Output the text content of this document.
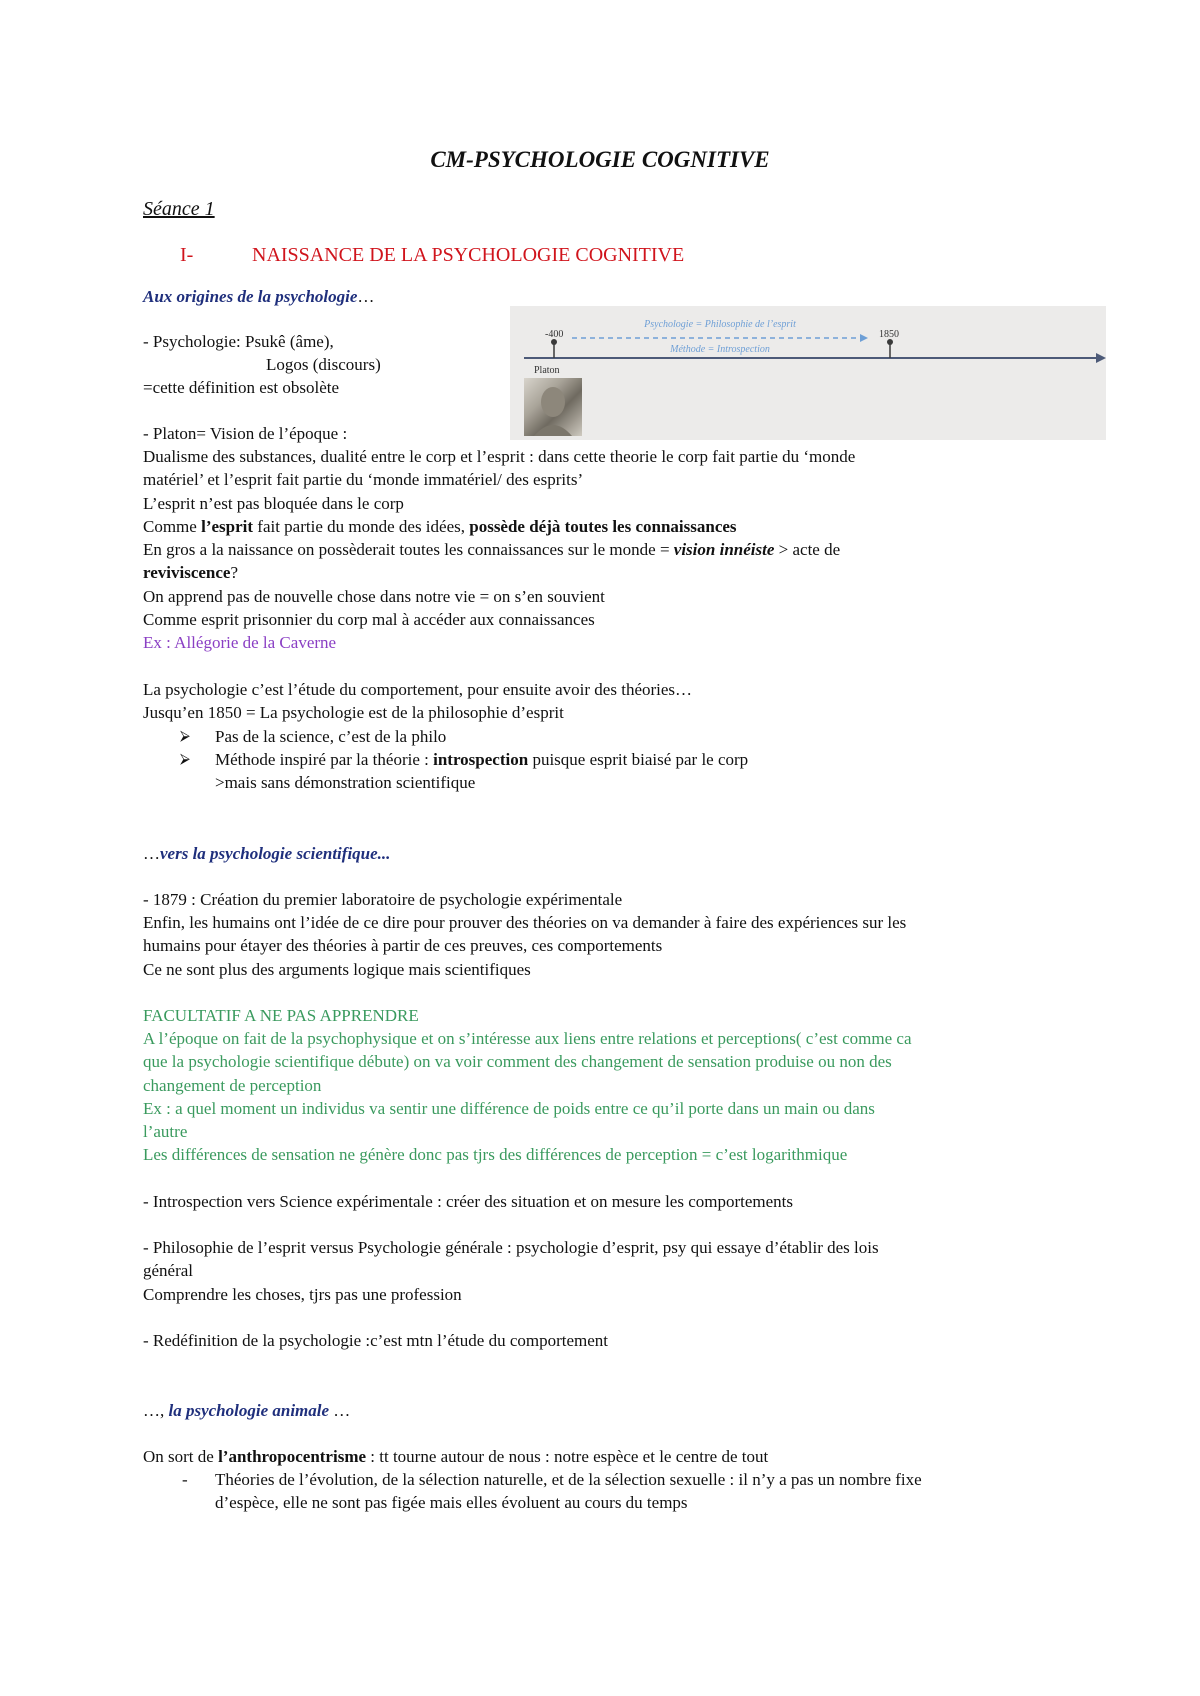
CM-PSYCHOLOGIE COGNITIVE
Séance 1
I-	NAISSANCE DE LA PSYCHOLOGIE COGNITIVE
Aux origines de la psychologie…
Psychologie = Philosophie de l’esprit
Méthode = Introspection
-400	1850
Platon
- Psychologie: Psukê (âme),
Logos (discours)
=cette définition est obsolète
- Platon= Vision de l’époque :
Dualisme des substances, dualité entre le corp et l’esprit : dans cette theorie le corp fait partie du ‘monde
matériel’ et l’esprit fait partie du ‘monde immatériel/ des esprits’
L’esprit n’est pas bloquée dans le corp
Comme l’esprit fait partie du monde des idées, possède déjà toutes les connaissances
En gros a la naissance on possèderait toutes les connaissances sur le monde = vision innéiste > acte de
reviviscence?
On apprend pas de nouvelle chose dans notre vie = on s’en souvient
Comme esprit prisonnier du corp mal à accéder aux connaissances
Ex : Allégorie de la Caverne
La psychologie c’est l’étude du comportement, pour ensuite avoir des théories…
Jusqu’en 1850 = La psychologie est de la philosophie d’esprit
⮚ Pas de la science, c’est de la philo
⮚ Méthode inspiré par la théorie : introspection puisque esprit biaisé par le corp
>mais sans démonstration scientifique
…vers la psychologie scientifique...
- 1879 : Création du premier laboratoire de psychologie expérimentale
Enfin, les humains ont l’idée de ce dire pour prouver des théories on va demander à faire des expériences sur les
humains pour étayer des théories à partir de ces preuves, ces comportements
Ce ne sont plus des arguments logique mais scientifiques
FACULTATIF A NE PAS APPRENDRE
A l’époque on fait de la psychophysique et on s’intéresse aux liens entre relations et perceptions( c’est comme ca
que la psychologie scientifique débute) on va voir comment des changement de sensation produise ou non des
changement de perception
Ex : a quel moment un individus va sentir une différence de poids entre ce qu’il porte dans un main ou dans
l’autre
Les différences de sensation ne génère donc pas tjrs des différences de perception = c’est logarithmique
- Introspection vers Science expérimentale : créer des situation et on mesure les comportements
- Philosophie de l’esprit versus Psychologie générale : psychologie d’esprit, psy qui essaye d’établir des lois
général
Comprendre les choses, tjrs pas une profession
- Redéfinition de la psychologie :c’est mtn l’étude du comportement
…, la psychologie animale …
On sort de l’anthropocentrisme : tt tourne autour de nous : notre espèce et le centre de tout
- Théories de l’évolution, de la sélection naturelle, et de la sélection sexuelle : il n’y a pas un nombre fixe
d’espèce, elle ne sont pas figée mais elles évoluent au cours du temps
